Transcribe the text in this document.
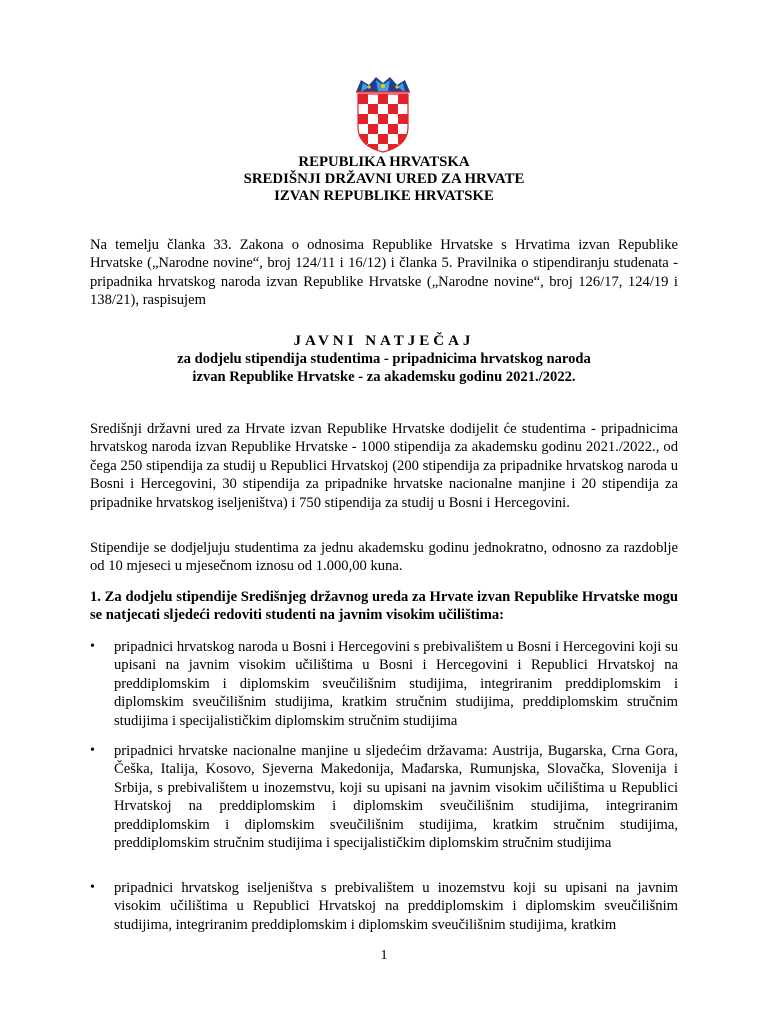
REPUBLIKA HRVATSKA
SREDIŠNJI DRŽAVNI URED ZA HRVATE
IZVAN REPUBLIKE HRVATSKE

Na temelju članka 33. Zakona o odnosima Republike Hrvatske s Hrvatima izvan Republike Hrvatske („Narodne novine“, broj 124/11 i 16/12) i članka 5. Pravilnika o stipendiranju studenata - pripadnika hrvatskog naroda izvan Republike Hrvatske („Narodne novine“, broj 126/17, 124/19 i 138/21), raspisujem

JAVNI NATJEČAJ
za dodjelu stipendija studentima - pripadnicima hrvatskog naroda
izvan Republike Hrvatske - za akademsku godinu 2021./2022.

Središnji državni ured za Hrvate izvan Republike Hrvatske dodijelit će studentima - pripadnicima hrvatskog naroda izvan Republike Hrvatske - 1000 stipendija za akademsku godinu 2021./2022., od čega 250 stipendija za studij u Republici Hrvatskoj (200 stipendija za pripadnike hrvatskog naroda u Bosni i Hercegovini, 30 stipendija za pripadnike hrvatske nacionalne manjine i 20 stipendija za pripadnike hrvatskog iseljeništva) i 750 stipendija za studij u Bosni i Hercegovini.

Stipendije se dodjeljuju studentima za jednu akademsku godinu jednokratno, odnosno za razdoblje od 10 mjeseci u mjesečnom iznosu od 1.000,00 kuna.

1. Za dodjelu stipendije Središnjeg državnog ureda za Hrvate izvan Republike Hrvatske mogu se natjecati sljedeći redoviti studenti na javnim visokim učilištima:

•	pripadnici hrvatskog naroda u Bosni i Hercegovini s prebivalištem u Bosni i Hercegovini koji su upisani na javnim visokim učilištima u Bosni i Hercegovini i Republici Hrvatskoj na preddiplomskim i diplomskim sveučilišnim studijima, integriranim preddiplomskim i diplomskim sveučilišnim studijima, kratkim stručnim studijima, preddiplomskim stručnim studijima i specijalističkim diplomskim stručnim studijima
•	pripadnici hrvatske nacionalne manjine u sljedećim državama: Austrija, Bugarska, Crna Gora, Češka, Italija, Kosovo, Sjeverna Makedonija, Mađarska, Rumunjska, Slovačka, Slovenija i Srbija, s prebivalištem u inozemstvu, koji su upisani na javnim visokim učilištima u Republici Hrvatskoj na preddiplomskim i diplomskim sveučilišnim studijima, integriranim preddiplomskim i diplomskim sveučilišnim studijima, kratkim stručnim studijima, preddiplomskim stručnim studijima i specijalističkim diplomskim stručnim studijima
•	pripadnici hrvatskog iseljeništva s prebivalištem u inozemstvu koji su upisani na javnim visokim učilištima u Republici Hrvatskoj na preddiplomskim i diplomskim sveučilišnim studijima, integriranim preddiplomskim i diplomskim sveučilišnim studijima, kratkim
1
